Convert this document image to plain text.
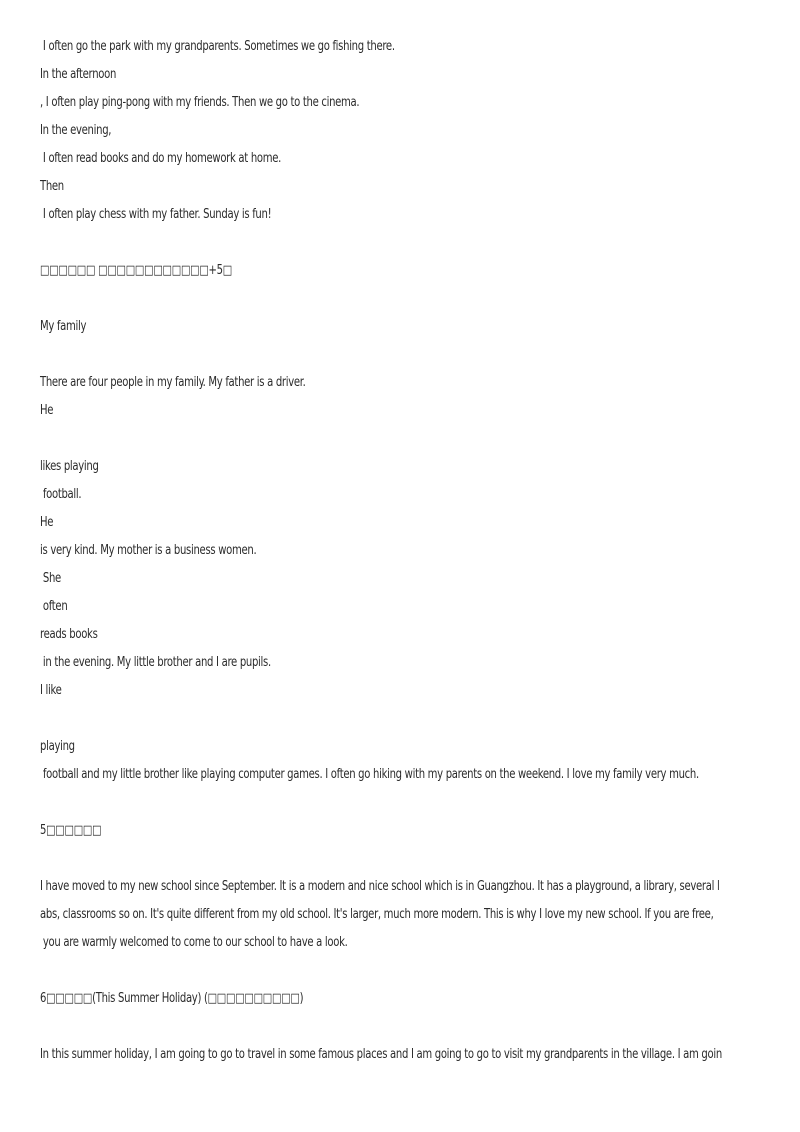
I often go the park with my grandparents. Sometimes we go fishing there.
In the afternoon
, I often play ping-pong with my friends. Then we go to the cinema.
In the evening,
I often read books and do my homework at home.
Then
I often play chess with my father. Sunday is fun!
□□□□□□ □□□□□□□□□□□□+5□
My family
There are four people in my family. My father is a driver.
He
likes playing
football.
He
is very kind. My mother is a business women.
She
often
reads books
in the evening. My little brother and I are pupils.
I like
playing
football and my little brother like playing computer games. I often go hiking with my parents on the weekend. I love my family very much.
5□□□□□□
I have moved to my new school since September. It is a modern and nice school which is in Guangzhou. It has a playground, a library, several l
abs, classrooms so on. It's quite different from my old school. It's larger, much more modern. This is why I love my new school. If you are free,
you are warmly welcomed to come to our school to have a look.
6□□□□□(This Summer Holiday) (□□□□□□□□□□)
In this summer holiday, I am going to go to travel in some famous places and I am going to go to visit my grandparents in the village. I am goin
